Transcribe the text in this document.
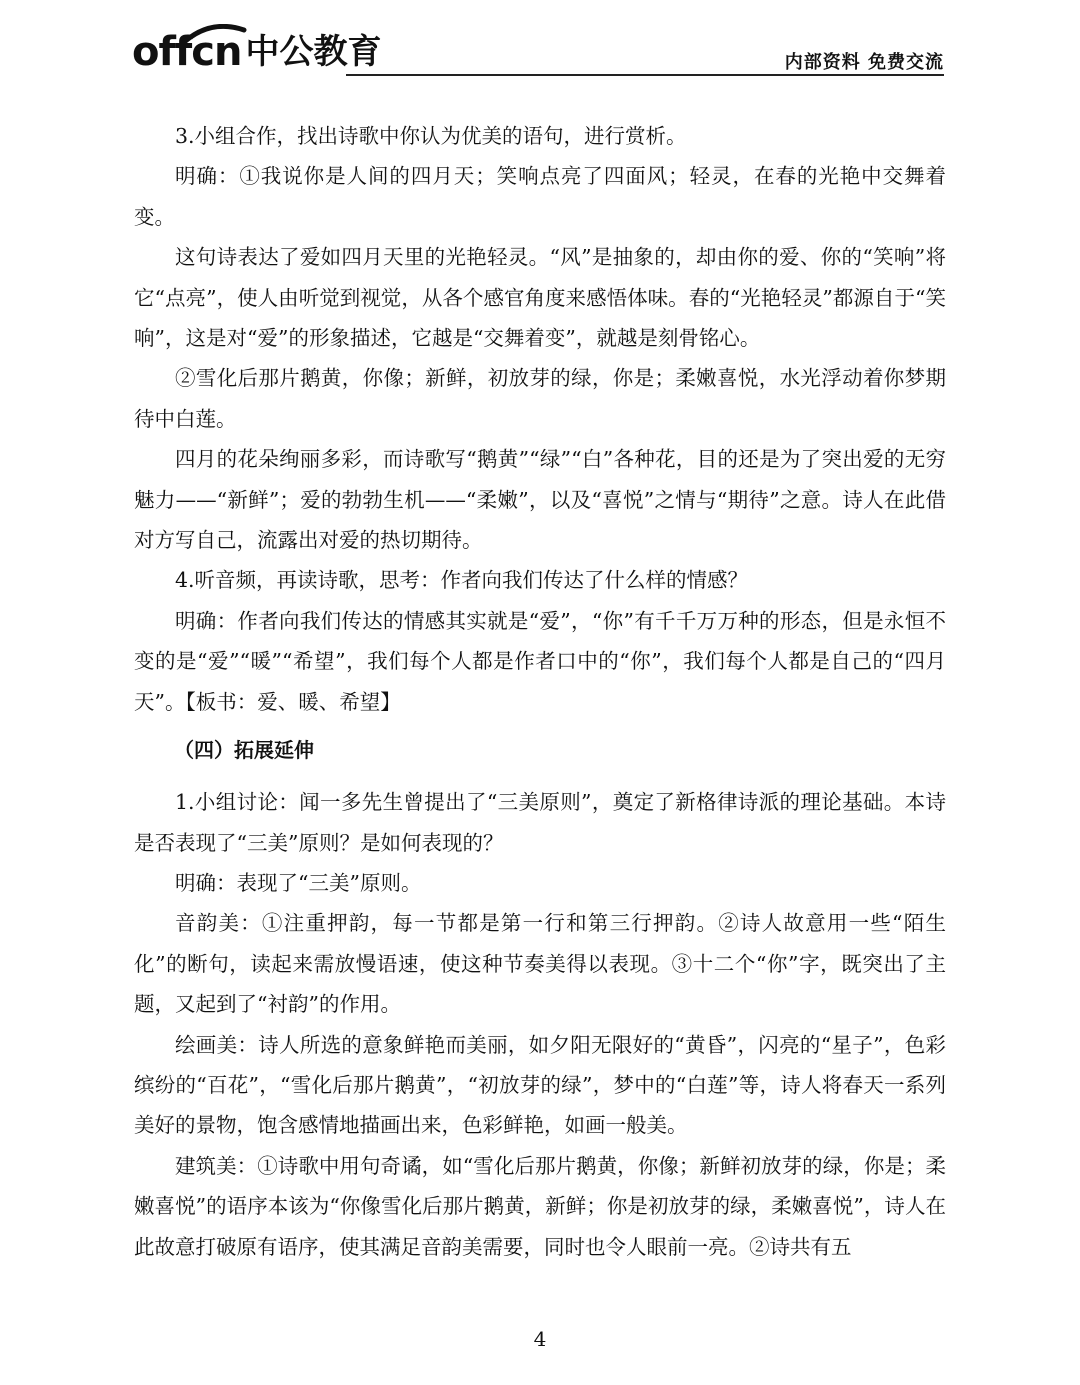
offcn 中公教育	内部资料 免费交流

3.小组合作，找出诗歌中你认为优美的语句，进行赏析。

明确：①我说你是人间的四月天；笑响点亮了四面风；轻灵，在春的光艳中交舞着变。

这句诗表达了爱如四月天里的光艳轻灵。“风”是抽象的，却由你的爱、你的“笑响”将它“点亮”，使人由听觉到视觉，从各个感官角度来感悟体味。春的“光艳轻灵”都源自于“笑响”，这是对“爱”的形象描述，它越是“交舞着变”，就越是刻骨铭心。

②雪化后那片鹅黄，你像；新鲜，初放芽的绿，你是；柔嫩喜悦，水光浮动着你梦期待中白莲。

四月的花朵绚丽多彩，而诗歌写“鹅黄”“绿”“白”各种花，目的还是为了突出爱的无穷魅力——“新鲜”；爱的勃勃生机——“柔嫩”，以及“喜悦”之情与“期待”之意。诗人在此借对方写自己，流露出对爱的热切期待。

4.听音频，再读诗歌，思考：作者向我们传达了什么样的情感？

明确：作者向我们传达的情感其实就是“爱”，“你”有千千万万种的形态，但是永恒不变的是“爱”“暖”“希望”，我们每个人都是作者口中的“你”，我们每个人都是自己的“四月天”。【板书：爱、暖、希望】

（四）拓展延伸

1.小组讨论：闻一多先生曾提出了“三美原则”，奠定了新格律诗派的理论基础。本诗是否表现了“三美”原则？是如何表现的？

明确：表现了“三美”原则。

音韵美：①注重押韵，每一节都是第一行和第三行押韵。②诗人故意用一些“陌生化”的断句，读起来需放慢语速，使这种节奏美得以表现。③十二个“你”字，既突出了主题，又起到了“衬韵”的作用。

绘画美：诗人所选的意象鲜艳而美丽，如夕阳无限好的“黄昏”，闪亮的“星子”，色彩缤纷的“百花”，“雪化后那片鹅黄”，“初放芽的绿”，梦中的“白莲”等，诗人将春天一系列美好的景物，饱含感情地描画出来，色彩鲜艳，如画一般美。

建筑美：①诗歌中用句奇谲，如“雪化后那片鹅黄，你像；新鲜初放芽的绿，你是；柔嫩喜悦”的语序本该为“你像雪化后那片鹅黄，新鲜；你是初放芽的绿，柔嫩喜悦”，诗人在此故意打破原有语序，使其满足音韵美需要，同时也令人眼前一亮。②诗共有五

4
